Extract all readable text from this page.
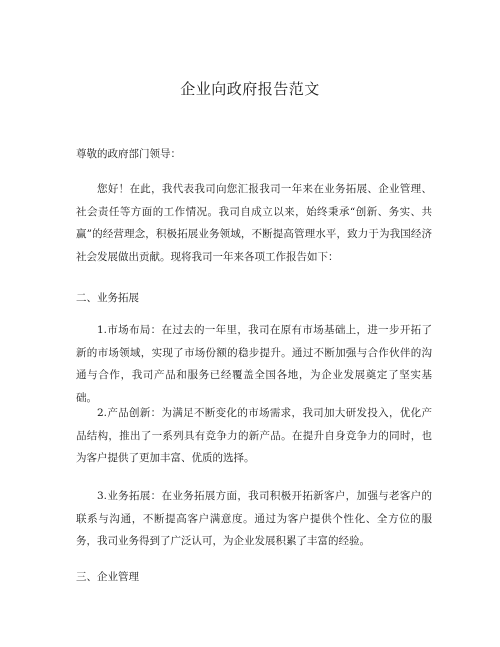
企业向政府报告范文
尊敬的政府部门领导：
您好！在此，我代表我司向您汇报我司一年来在业务拓展、企业管理、社会责任等方面的工作情况。我司自成立以来，始终秉承“创新、务实、共赢”的经营理念，积极拓展业务领域，不断提高管理水平，致力于为我国经济社会发展做出贡献。现将我司一年来各项工作报告如下：
二、业务拓展
1.市场布局：在过去的一年里，我司在原有市场基础上，进一步开拓了新的市场领域，实现了市场份额的稳步提升。通过不断加强与合作伙伴的沟通与合作，我司产品和服务已经覆盖全国各地，为企业发展奠定了坚实基础。
2.产品创新：为满足不断变化的市场需求，我司加大研发投入，优化产品结构，推出了一系列具有竞争力的新产品。在提升自身竞争力的同时，也为客户提供了更加丰富、优质的选择。
3.业务拓展：在业务拓展方面，我司积极开拓新客户，加强与老客户的联系与沟通，不断提高客户满意度。通过为客户提供个性化、全方位的服务，我司业务得到了广泛认可，为企业发展积累了丰富的经验。
三、企业管理
